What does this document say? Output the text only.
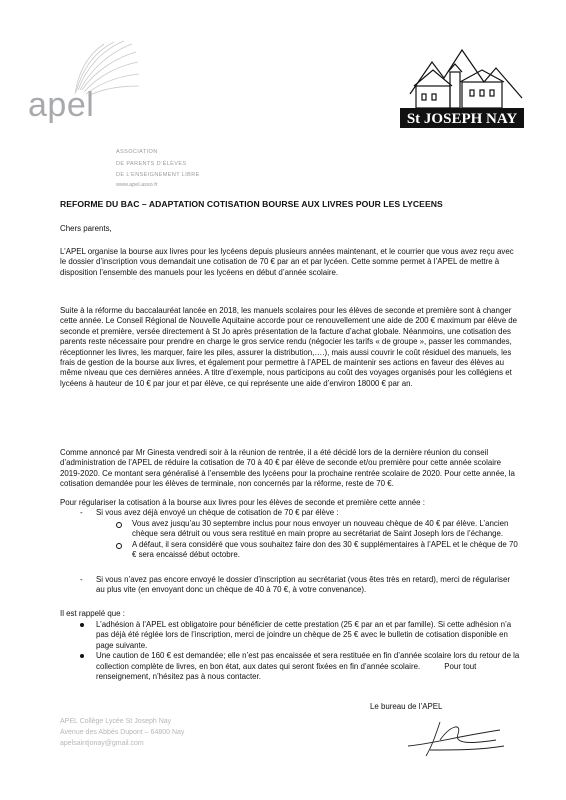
apel
ASSOCIATION
DE PARENTS D’ÉLÈVES
DE L’ENSEIGNEMENT LIBRE
www.apel.asso.fr
St JOSEPH NAY
REFORME DU BAC – ADAPTATION COTISATION BOURSE AUX LIVRES POUR LES LYCEENS

Chers parents,

L’APEL organise la bourse aux livres pour les lycéens depuis plusieurs années maintenant, et le courrier que vous avez reçu avec le dossier d’inscription vous demandait une cotisation de 70 € par an et par lycéen. Cette somme permet à l’APEL de mettre à disposition l’ensemble des manuels pour les lycéens en début d’année scolaire.

Suite à la réforme du baccalauréat lancée en 2018, les manuels scolaires pour les élèves de seconde et première sont à changer cette année. Le Conseil Régional de Nouvelle Aquitaine accorde pour ce renouvellement une aide de 200 € maximum par élève de seconde et première, versée directement à St Jo après présentation de la facture d’achat globale. Néanmoins, une cotisation des parents reste nécessaire pour prendre en charge le gros service rendu (négocier les tarifs « de groupe », passer les commandes, réceptionner les livres, les marquer, faire les piles, assurer la distribution,….), mais aussi couvrir le coût résiduel des manuels, les frais de gestion de la bourse aux livres, et également pour permettre à l’APEL de maintenir ses actions en faveur des élèves au même niveau que ces dernières années. A titre d’exemple, nous participons au coût des voyages organisés pour les collégiens et lycéens à hauteur de 10 € par jour et par élève, ce qui représente une aide d’environ 18000 € par an.

Comme annoncé par Mr Ginesta vendredi soir à la réunion de rentrée, il a été décidé lors de la dernière réunion du conseil d’administration de l’APEL de réduire la cotisation de 70 à 40 € par élève de seconde et/ou première pour cette année scolaire 2019-2020. Ce montant sera généralisé à l’ensemble des lycéens pour la prochaine rentrée scolaire de 2020. Pour cette année, la cotisation demandée pour les élèves de terminale, non concernés par la réforme, reste de 70 €.

Pour régulariser la cotisation à la bourse aux livres pour les élèves de seconde et première cette année :

- Si vous avez déjà envoyé un chèque de cotisation de 70 € par élève :
Vous avez jusqu’au 30 septembre inclus pour nous envoyer un nouveau chèque de 40 € par élève. L’ancien chèque sera détruit ou vous sera restitué en main propre au secrétariat de Saint Joseph lors de l’échange.
A défaut, il sera considéré que vous souhaitez faire don des 30 € supplémentaires à l’APEL et le chèque de 70 € sera encaissé début octobre.
- Si vous n’avez pas encore envoyé le dossier d’inscription au secrétariat (vous êtes très en retard), merci de régulariser au plus vite (en envoyant donc un chèque de 40 à 70 €, à votre convenance).

Il est rappelé que :

L’adhésion à l’APEL est obligatoire pour bénéficier de cette prestation (25 € par an et par famille). Si cette adhésion n’a pas déjà été réglée lors de l’inscription, merci de joindre un chèque de 25 € avec le bulletin de cotisation disponible en page suivante.
Une caution de 160 € est demandée; elle n’est pas encaissée et sera restituée en fin d’année scolaire lors du retour de la collection complète de livres, en bon état, aux dates qui seront fixées en fin d’année scolaire.	Pour tout renseignement, n’hésitez pas à nous contacter.
Le bureau de l’APEL
APEL Collège Lycée St Joseph Nay
Avenue des Abbés Dupont – 64800 Nay
apelsaintjonay@gmail.com
